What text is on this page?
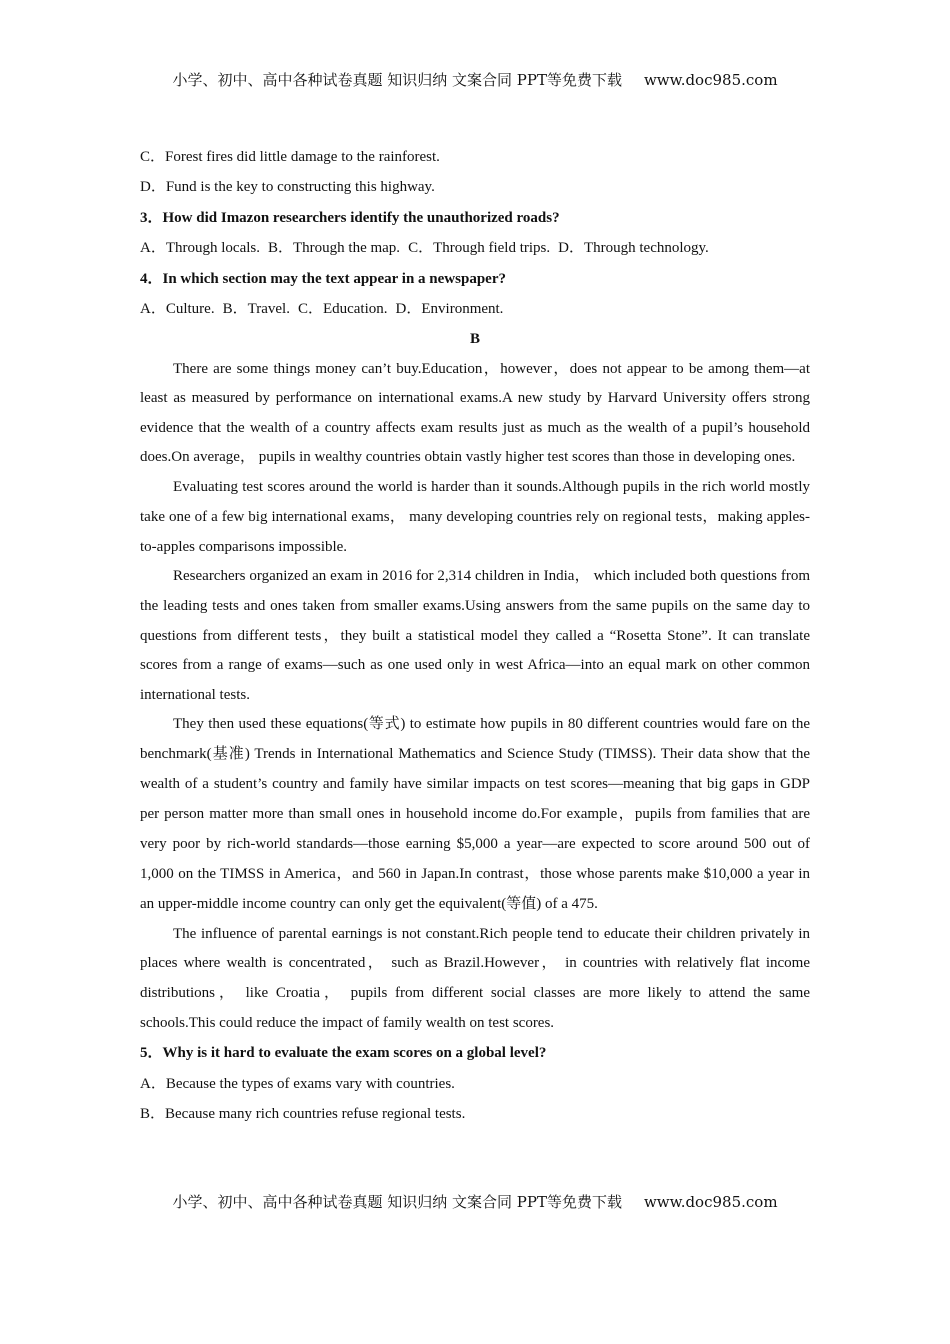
小学、初中、高中各种试卷真题 知识归纳 文案合同 PPT等免费下载 www.doc985.com
C．Forest fires did little damage to the rainforest.
D．Fund is the key to constructing this highway.
3．How did Imazon researchers identify the unauthorized roads?
A．Through locals. B．Through the map. C．Through field trips. D．Through technology.
4．In which section may the text appear in a newspaper?
A．Culture. B．Travel. C．Education. D．Environment.
B

There are some things money can’t buy.Education，however，does not appear to be among them—at least as measured by performance on international exams.A new study by Harvard University offers strong evidence that the wealth of a country affects exam results just as much as the wealth of a pupil’s household does.On average， pupils in wealthy countries obtain vastly higher test scores than those in developing ones.

Evaluating test scores around the world is harder than it sounds.Although pupils in the rich world mostly take one of a few big international exams， many developing countries rely on regional tests，making apples-to-apples comparisons impossible.

Researchers organized an exam in 2016 for 2,314 children in India， which included both questions from the leading tests and ones taken from smaller exams.Using answers from the same pupils on the same day to questions from different tests，they built a statistical model they called a “Rosetta Stone”. It can translate scores from a range of exams—such as one used only in west Africa—into an equal mark on other common international tests.

They then used these equations(等式) to estimate how pupils in 80 different countries would fare on the benchmark(基准) Trends in International Mathematics and Science Study (TIMSS). Their data show that the wealth of a student’s country and family have similar impacts on test scores—meaning that big gaps in GDP per person matter more than small ones in household income do.For example，pupils from families that are very poor by rich-world standards—those earning $5,000 a year—are expected to score around 500 out of 1,000 on the TIMSS in America，and 560 in Japan.In contrast，those whose parents make $10,000 a year in an upper-middle income country can only get the equivalent(等值) of a 475.

The influence of parental earnings is not constant.Rich people tend to educate their children privately in places where wealth is concentrated， such as Brazil.However， in countries with relatively flat income distributions， like Croatia， pupils from different social classes are more likely to attend the same schools.This could reduce the impact of family wealth on test scores.

5．Why is it hard to evaluate the exam scores on a global level?
A．Because the types of exams vary with countries.
B．Because many rich countries refuse regional tests.
小学、初中、高中各种试卷真题 知识归纳 文案合同 PPT等免费下载 www.doc985.com
